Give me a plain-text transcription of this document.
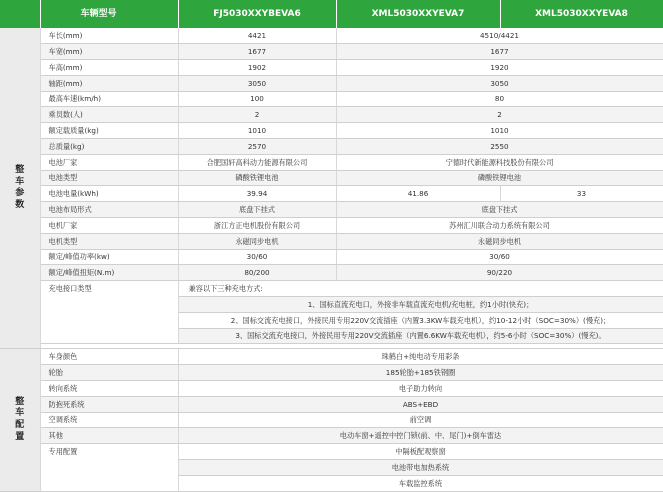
	车辆型号	FJ5030XXYBEVA6	XML5030XXYEVA7	XML5030XXYEVA8

整车参数	车长(mm)	4421	4510/4421	
	车宽(mm)	1677	1677	
	车高(mm)	1902	1920	
	轴距(mm)	3050	3050	
	最高车速(km/h)	100	80	
	乘员数(人)	2	2	
	额定载质量(kg)	1010	1010	
	总质量(kg)	2570	2550	
	电池厂家	合肥国轩高科动力能源有限公司	宁德时代新能源科技股份有限公司	
	电池类型	磷酸铁锂电池	磷酸铁锂电池	
	电池电量(kWh)	39.94	41.86	33
	电池布局形式	底盘下挂式	底盘下挂式	
	电机厂家	浙江方正电机股份有限公司	苏州汇川联合动力系统有限公司	
	电机类型	永磁同步电机	永磁同步电机	
	额定/峰值功率(kw)	30/60	30/60	
	额定/峰值扭矩(N.m)	80/200	90/220	
	充电接口类型	兼容以下三种充电方式:		
		1、国标直流充电口，外接非车载直流充电机/充电桩，约1小时(快充)；		
		2、国标交流充电接口，外接民用专用220V交流插座（内置3.3KW车载充电机），约10-12小时（SOC=30%）(慢充)；		
		3、国标交流充电接口，外接民用专用220V交流插座（内置6.6KW车载充电机），约5-6小时（SOC=30%）(慢充)。		

整车配置	车身颜色	珠鹤白+纯电动专用彩条		
	轮胎	185轮胎+185铁钢圈		
	转向系统	电子助力转向		
	防抱死系统	ABS+EBD		
	空调系统	前空调		
	其他	电动车窗+遥控中控门锁(前、中、尾门)+倒车雷达		
	专用配置	中隔板配观察窗		
		电池带电加热系统		
		车载监控系统		
